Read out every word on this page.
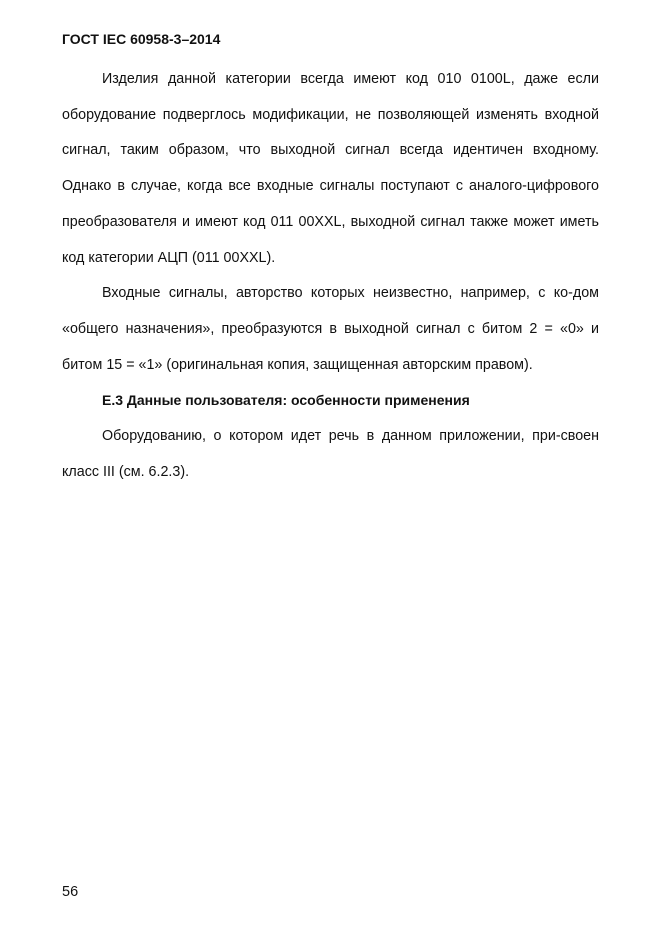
ГОСТ IEC 60958-3–2014

Изделия данной категории всегда имеют код 010 0100L, даже если оборудование подверглось модификации, не позволяющей изменять входной сигнал, таким образом, что выходной сигнал всегда идентичен входному. Однако в случае, когда все входные сигналы поступают с аналого-цифрового преобразователя и имеют код 011 00XXL, выходной сигнал также может иметь код категории АЦП (011 00XXL).

Входные сигналы, авторство которых неизвестно, например, с ко-дом «общего назначения», преобразуются в выходной сигнал с битом 2 = «0» и битом 15 = «1» (оригинальная копия, защищенная авторским правом).

Е.3 Данные пользователя: особенности применения

Оборудованию, о котором идет речь в данном приложении, при-своен класс III (см. 6.2.3).

56
